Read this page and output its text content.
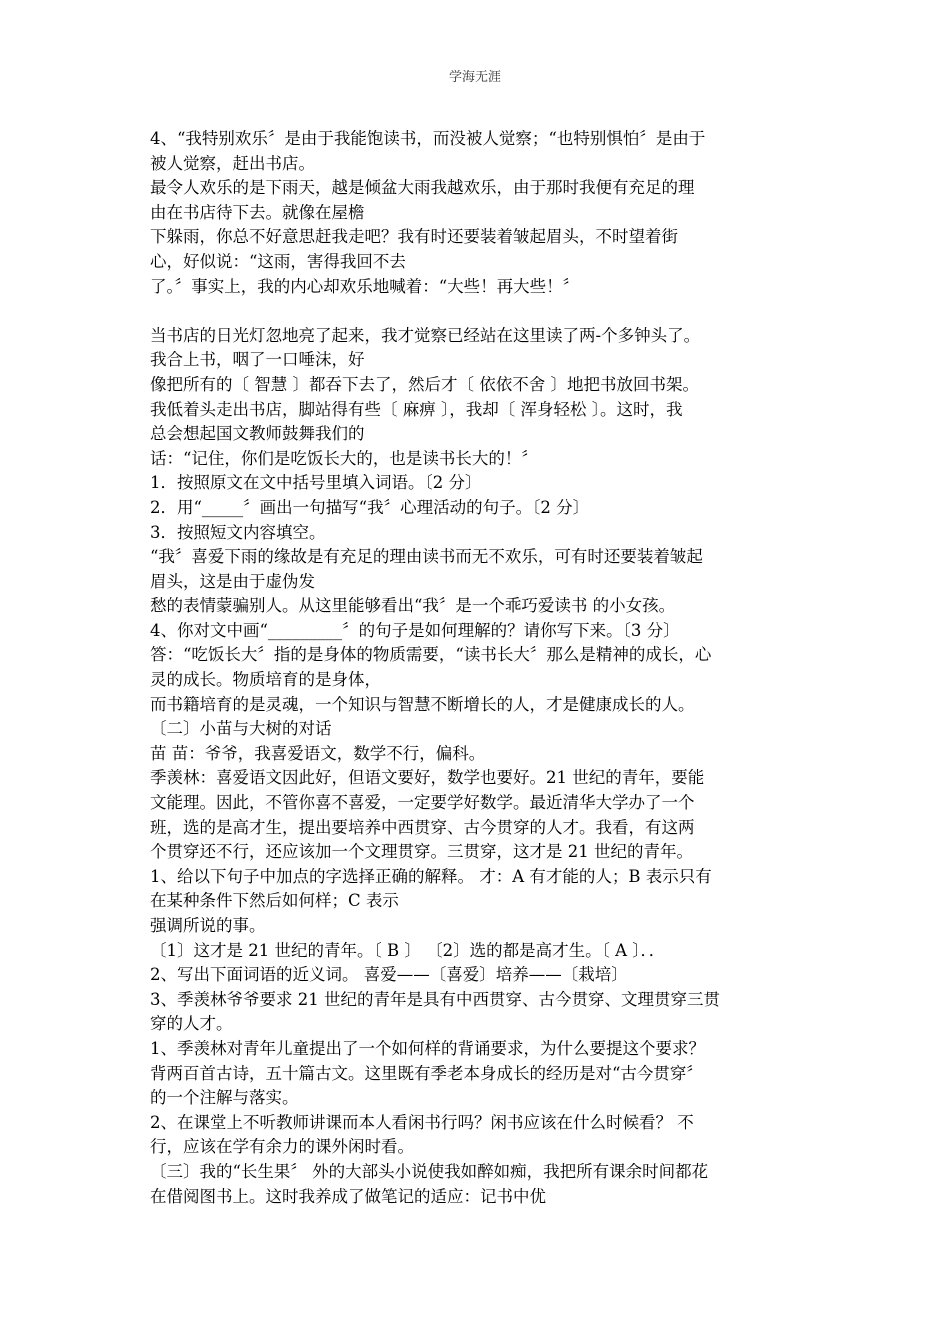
学海无涯
4、“我特别欢乐〞是由于我能饱读书，而没被人觉察；“也特别惧怕〞是由于
被人觉察，赶出书店。
最令人欢乐的是下雨天，越是倾盆大雨我越欢乐，由于那时我便有充足的理
由在书店待下去。就像在屋檐
下躲雨，你总不好意思赶我走吧？我有时还要装着皱起眉头，不时望着街
心，好似说：“这雨，害得我回不去
了。〞事实上，我的内心却欢乐地喊着：“大些！再大些！〞
当书店的日光灯忽地亮了起来，我才觉察已经站在这里读了两-个多钟头了。
我合上书，咽了一口唾沫，好
像把所有的〔 智慧 〕都吞下去了，然后才〔 依依不舍 〕地把书放回书架。
我低着头走出书店，脚站得有些〔 麻痹 〕，我却〔 浑身轻松 〕。这时，我
总会想起国文教师鼓舞我们的
话：“记住，你们是吃饭长大的，也是读书长大的！〞
1．按照原文在文中括号里填入词语。〔2 分〕
2．用“_____〞画出一句描写“我〞心理活动的句子。〔2 分〕
3．按照短文内容填空。
“我〞喜爱下雨的缘故是有充足的理由读书而无不欢乐，可有时还要装着皱起
眉头，这是由于虚伪发
愁的表情蒙骗别人。从这里能够看出“我〞是一个乖巧爱读书 的小女孩。
4、你对文中画“_________〞的句子是如何理解的？请你写下来。〔3 分〕
答：“吃饭长大〞指的是身体的物质需要，“读书长大〞那么是精神的成长，心
灵的成长。物质培育的是身体，
而书籍培育的是灵魂，一个知识与智慧不断增长的人，才是健康成长的人。
〔二〕小苗与大树的对话
苗 苗：爷爷，我喜爱语文，数学不行，偏科。
季羡林：喜爱语文因此好，但语文要好，数学也要好。21 世纪的青年，要能
文能理。因此，不管你喜不喜爱，一定要学好数学。最近清华大学办了一个
班，选的是高才生，提出要培养中西贯穿、古今贯穿的人才。我看，有这两
个贯穿还不行，还应该加一个文理贯穿。三贯穿，这才是 21 世纪的青年。
1、给以下句子中加点的字选择正确的解释。 才：A 有才能的人；B 表示只有
在某种条件下然后如何样；C 表示
强调所说的事。
〔1〕这才是 21 世纪的青年。〔 B 〕 〔2〕选的都是高才生。〔 A 〕．．
2、写出下面词语的近义词。 喜爱——〔喜爱〕培养——〔栽培〕
3、季羡林爷爷要求 21 世纪的青年是具有中西贯穿、古今贯穿、文理贯穿三贯
穿的人才。
1、季羡林对青年儿童提出了一个如何样的背诵要求，为什么要提这个要求？
背两百首古诗，五十篇古文。这里既有季老本身成长的经历是对“古今贯穿〞
的一个注解与落实。
2、在课堂上不听教师讲课而本人看闲书行吗？闲书应该在什么时候看？ 不
行，应该在学有余力的课外闲时看。
〔三〕我的“长生果〞 外的大部头小说使我如醉如痴，我把所有课余时间都花
在借阅图书上。这时我养成了做笔记的适应：记书中优
